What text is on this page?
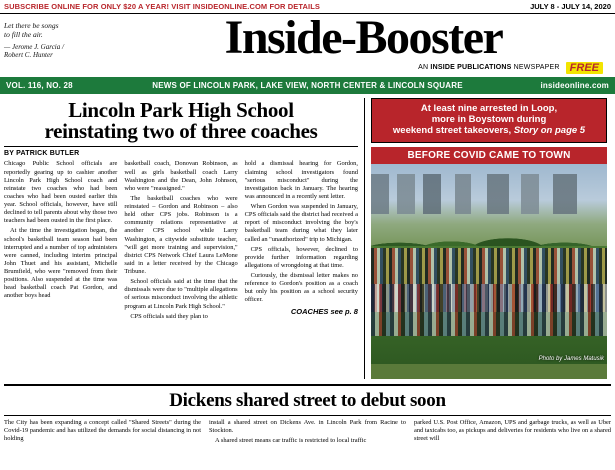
SUBSCRIBE ONLINE FOR ONLY $20 A YEAR! VISIT INSIDEONLINE.COM FOR DETAILS	JULY 8 - JULY 14, 2020
Let there be songs
to fill the air.
— Jerome J. Garcia /
Robert C. Hunter	Inside-Booster
AN INSIDE PUBLICATIONS NEWSPAPER FREE
VOL. 116, NO. 28	NEWS OF LINCOLN PARK, LAKE VIEW, NORTH CENTER & LINCOLN SQUARE	insideonline.com
Lincoln Park High School
reinstating two of three coaches
BY PATRICK BUTLER

Chicago Public School officials are reportedly gearing up to cashier another Lincoln Park High School coach and reinstate two coaches who had been coaches who had been ousted earlier this year. School officials, however, have still declined to tell parents about why those two teachers had been ousted in the first place.

At the time the investigation began, the school's basketball team season had been interrupted and a number of top administers were canned, including interim principal John Thuet and his assistant, Michelle Brumfield, who were "removed from their positions. Also suspended at the time was head basketball coach Pat Gordon, and another boys head

basketball coach, Donovan Robinson, as well as girls basketball coach Larry Washington and the Dean, John Johnson, who were "reassigned."

The basketball coaches who were reinstated – Gordon and Robinson – also held other CPS jobs. Robinson is a community relations representative at another CPS school while Larry Washington, a citywide substitute teacher, "will get more training and supervision," district CPS Network Chief Laura LeMone said in a letter received by the Chicago Tribune.

School officials said at the time that the dismissals were due to "multiple allegations of serious misconduct involving the athletic program at Lincoln Park High School."

CPS officials said they plan to

hold a dismissal hearing for Gordon, claiming school investigators found "serious misconduct" during the investigation back in January. The hearing was announced in a recently sent letter.

When Gordon was suspended in January, CPS officials said the district had received a report of misconduct involving the boy's basketball team during what they later called an "unauthorized" trip to Michigan.

CPS officials, however, declined to provide further information regarding allegations of wrongdoing at that time.

Curiously, the dismissal letter makes no reference to Gordon's position as a coach but only his position as a school security officer.

COACHES see p. 8
At least nine arrested in Loop,
more in Boystown during
weekend street takeovers, Story on page 5
BEFORE COVID CAME TO TOWN
Photo by James Matusik
Dickens shared street to debut soon

The City has been expanding a concept called "Shared Streets" during the Covid-19 pandemic and has utilized the demands for social distancing in not holding

install a shared street on Dickens Ave. in Lincoln Park from Racine to Stockton.

A shared street means car traffic is restricted to local traffic

parked U.S. Post Office, Amazon, UPS and garbage trucks, as well as Uber and taxicabs too, as pickups and deliveries for residents who live on a shared street will
